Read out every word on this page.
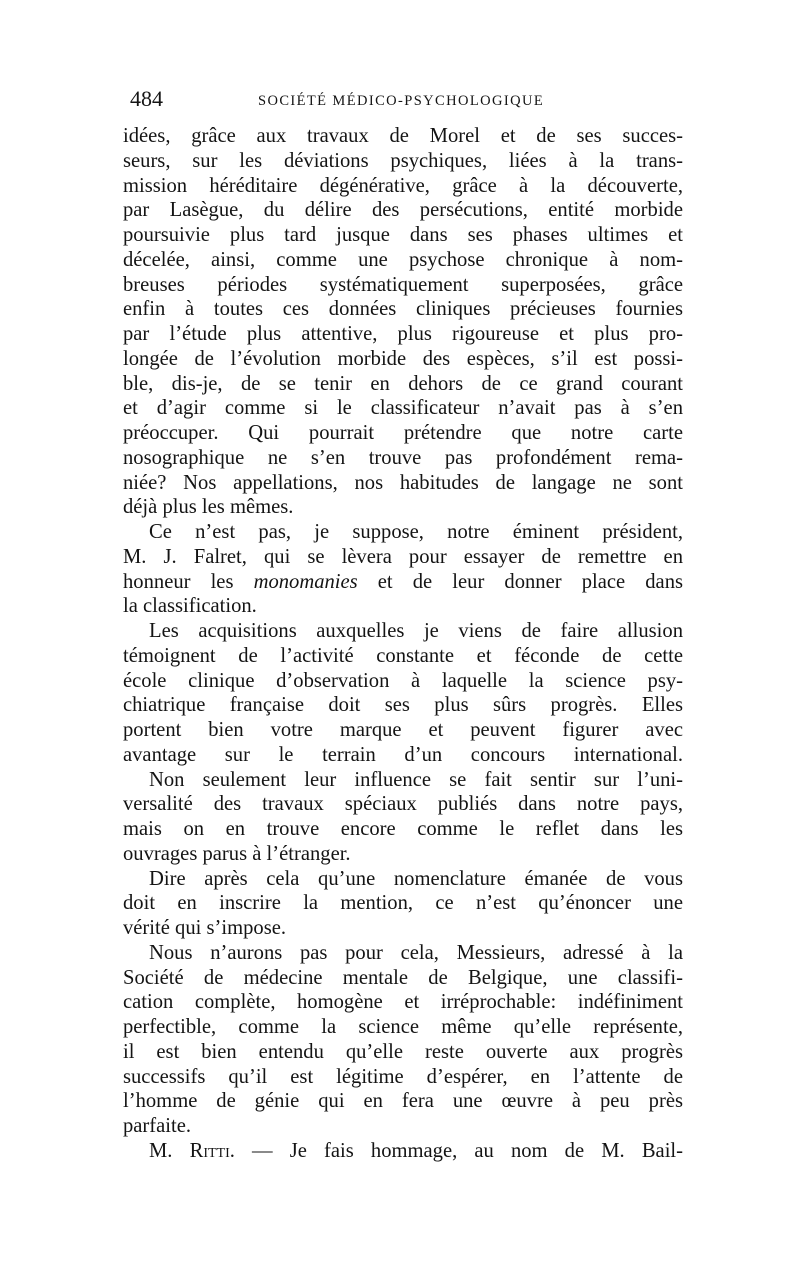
484	SOCIÉTÉ MÉDICO-PSYCHOLOGIQUE
idées, grâce aux travaux de Morel et de ses succes-
seurs, sur les déviations psychiques, liées à la trans-
mission héréditaire dégénérative, grâce à la découverte,
par Lasègue, du délire des persécutions, entité morbide
poursuivie plus tard jusque dans ses phases ultimes et
décelée, ainsi, comme une psychose chronique à nom-
breuses périodes systématiquement superposées, grâce
enfin à toutes ces données cliniques précieuses fournies
par l’étude plus attentive, plus rigoureuse et plus pro-
longée de l’évolution morbide des espèces, s’il est possi-
ble, dis-je, de se tenir en dehors de ce grand courant
et d’agir comme si le classificateur n’avait pas à s’en
préoccuper. Qui pourrait prétendre que notre carte
nosographique ne s’en trouve pas profondément rema-
niée? Nos appellations, nos habitudes de langage ne sont
déjà plus les mêmes.
Ce n’est pas, je suppose, notre éminent président,
M. J. Falret, qui se lèvera pour essayer de remettre en
honneur les monomanies et de leur donner place dans
la classification.
Les acquisitions auxquelles je viens de faire allusion
témoignent de l’activité constante et féconde de cette
école clinique d’observation à laquelle la science psy-
chiatrique française doit ses plus sûrs progrès. Elles
portent bien votre marque et peuvent figurer avec
avantage sur le terrain d’un concours international.
Non seulement leur influence se fait sentir sur l’uni-
versalité des travaux spéciaux publiés dans notre pays,
mais on en trouve encore comme le reflet dans les
ouvrages parus à l’étranger.
Dire après cela qu’une nomenclature émanée de vous
doit en inscrire la mention, ce n’est qu’énoncer une
vérité qui s’impose.
Nous n’aurons pas pour cela, Messieurs, adressé à la
Société de médecine mentale de Belgique, une classifi-
cation complète, homogène et irréprochable: indéfiniment
perfectible, comme la science même qu’elle représente,
il est bien entendu qu’elle reste ouverte aux progrès
successifs qu’il est légitime d’espérer, en l’attente de
l’homme de génie qui en fera une œuvre à peu près
parfaite.
M. Ritti. — Je fais hommage, au nom de M. Bail-
